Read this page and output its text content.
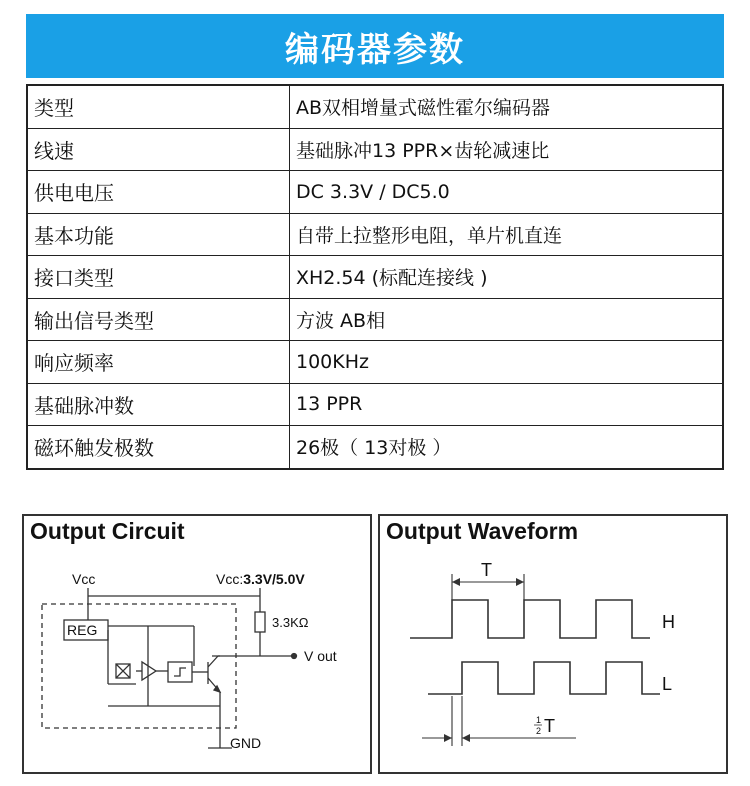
编码器参数
类型	AB双相增量式磁性霍尔编码器
线速	基础脉冲13 PPR×齿轮减速比
供电电压	DC 3.3V / DC5.0
基本功能	自带上拉整形电阻，单片机直连
接口类型	XH2.54 (标配连接线 )
输出信号类型	方波 AB相
响应频率	100KHz
基础脉冲数	13 PPR
磁环触发极数	26极（ 13对极 ）
Output Circuit
Vcc	Vcc:3.3V/5.0V
REG	3.3KΩ
V out
GND
Output Waveform
T
H
L
1
2 T
